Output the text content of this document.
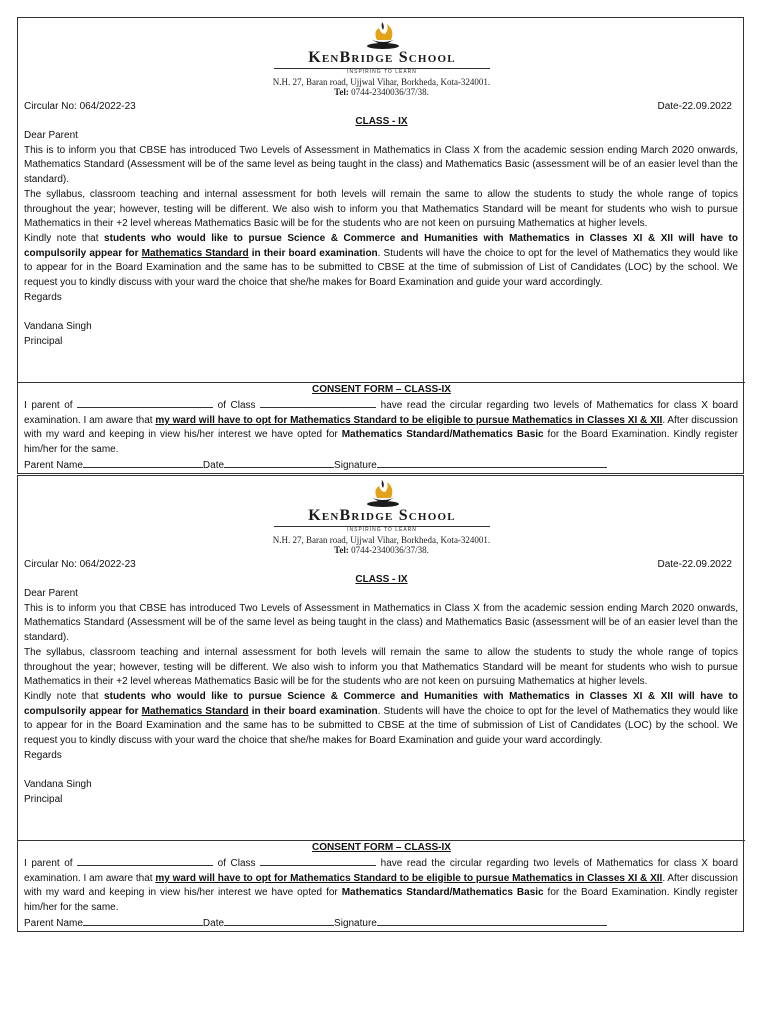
KenBridge School
INSPIRING TO LEARN
N.H. 27, Baran road, Ujjwal Vihar, Borkheda, Kota-324001.
Tel: 0744-2340036/37/38.
Circular No: 064/2022-23	Date-22.09.2022
CLASS - IX

Dear Parent

This is to inform you that CBSE has introduced Two Levels of Assessment in Mathematics in Class X from the academic session ending March 2020 onwards, Mathematics Standard (Assessment will be of the same level as being taught in the class) and Mathematics Basic (assessment will be of an easier level than the standard).

The syllabus, classroom teaching and internal assessment for both levels will remain the same to allow the students to study the whole range of topics throughout the year; however, testing will be different. We also wish to inform you that Mathematics Standard will be meant for students who wish to pursue Mathematics in their +2 level whereas Mathematics Basic will be for the students who are not keen on pursuing Mathematics at higher levels.

Kindly note that students who would like to pursue Science & Commerce and Humanities with Mathematics in Classes XI & XII will have to compulsorily appear for Mathematics Standard in their board examination. Students will have the choice to opt for the level of Mathematics they would like to appear for in the Board Examination and the same has to be submitted to CBSE at the time of submission of List of Candidates (LOC) by the school. We request you to kindly discuss with your ward the choice that she/he makes for Board Examination and guide your ward accordingly.

Regards

Vandana Singh

Principal

CONSENT FORM – CLASS-IX
I parent of	of Class	have read the circular regarding two levels of Mathematics for class X board examination. I am aware that my ward will have to opt for Mathematics Standard to be eligible to pursue Mathematics in Classes XI & XII. After discussion with my ward and keeping in view his/her interest we have opted for Mathematics Standard/Mathematics Basic for the Board Examination. Kindly register him/her for the same.
Parent Name	Date	Signature
KenBridge School
INSPIRING TO LEARN
N.H. 27, Baran road, Ujjwal Vihar, Borkheda, Kota-324001.
Tel: 0744-2340036/37/38.
Circular No: 064/2022-23	Date-22.09.2022
CLASS - IX

Dear Parent

This is to inform you that CBSE has introduced Two Levels of Assessment in Mathematics in Class X from the academic session ending March 2020 onwards, Mathematics Standard (Assessment will be of the same level as being taught in the class) and Mathematics Basic (assessment will be of an easier level than the standard).

The syllabus, classroom teaching and internal assessment for both levels will remain the same to allow the students to study the whole range of topics throughout the year; however, testing will be different. We also wish to inform you that Mathematics Standard will be meant for students who wish to pursue Mathematics in their +2 level whereas Mathematics Basic will be for the students who are not keen on pursuing Mathematics at higher levels.

Kindly note that students who would like to pursue Science & Commerce and Humanities with Mathematics in Classes XI & XII will have to compulsorily appear for Mathematics Standard in their board examination. Students will have the choice to opt for the level of Mathematics they would like to appear for in the Board Examination and the same has to be submitted to CBSE at the time of submission of List of Candidates (LOC) by the school. We request you to kindly discuss with your ward the choice that she/he makes for Board Examination and guide your ward accordingly.

Regards

Vandana Singh

Principal

CONSENT FORM – CLASS-IX
I parent of	of Class	have read the circular regarding two levels of Mathematics for class X board examination. I am aware that my ward will have to opt for Mathematics Standard to be eligible to pursue Mathematics in Classes XI & XII. After discussion with my ward and keeping in view his/her interest we have opted for Mathematics Standard/Mathematics Basic for the Board Examination. Kindly register him/her for the same.
Parent Name	Date	Signature
